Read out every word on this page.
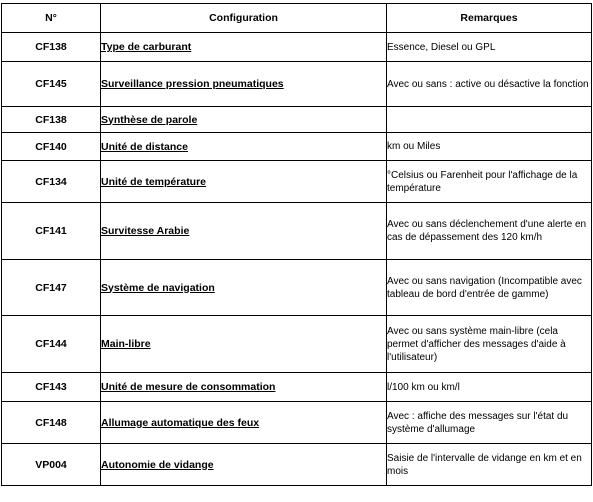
N°	Configuration	Remarques
CF138	Type de carburant	Essence, Diesel ou GPL
CF145	Surveillance pression pneumatiques	Avec ou sans : active ou désactive la fonction
CF138	Synthèse de parole	
CF140	Unité de distance	km ou Miles
CF134	Unité de température	°Celsius ou Farenheit pour l'affichage de la température
CF141	Survitesse Arabie	Avec ou sans déclenchement d'une alerte en cas de dépassement des 120 km/h
CF147	Système de navigation	Avec ou sans navigation (Incompatible avec tableau de bord d'entrée de gamme)
CF144	Main-libre	Avec ou sans système main-libre (cela permet d'afficher des messages d'aide à l'utilisateur)
CF143	Unité de mesure de consommation	l/100 km ou km/l
CF148	Allumage automatique des feux	Avec : affiche des messages sur l'état du système d'allumage
VP004	Autonomie de vidange	Saisie de l'intervalle de vidange en km et en mois
